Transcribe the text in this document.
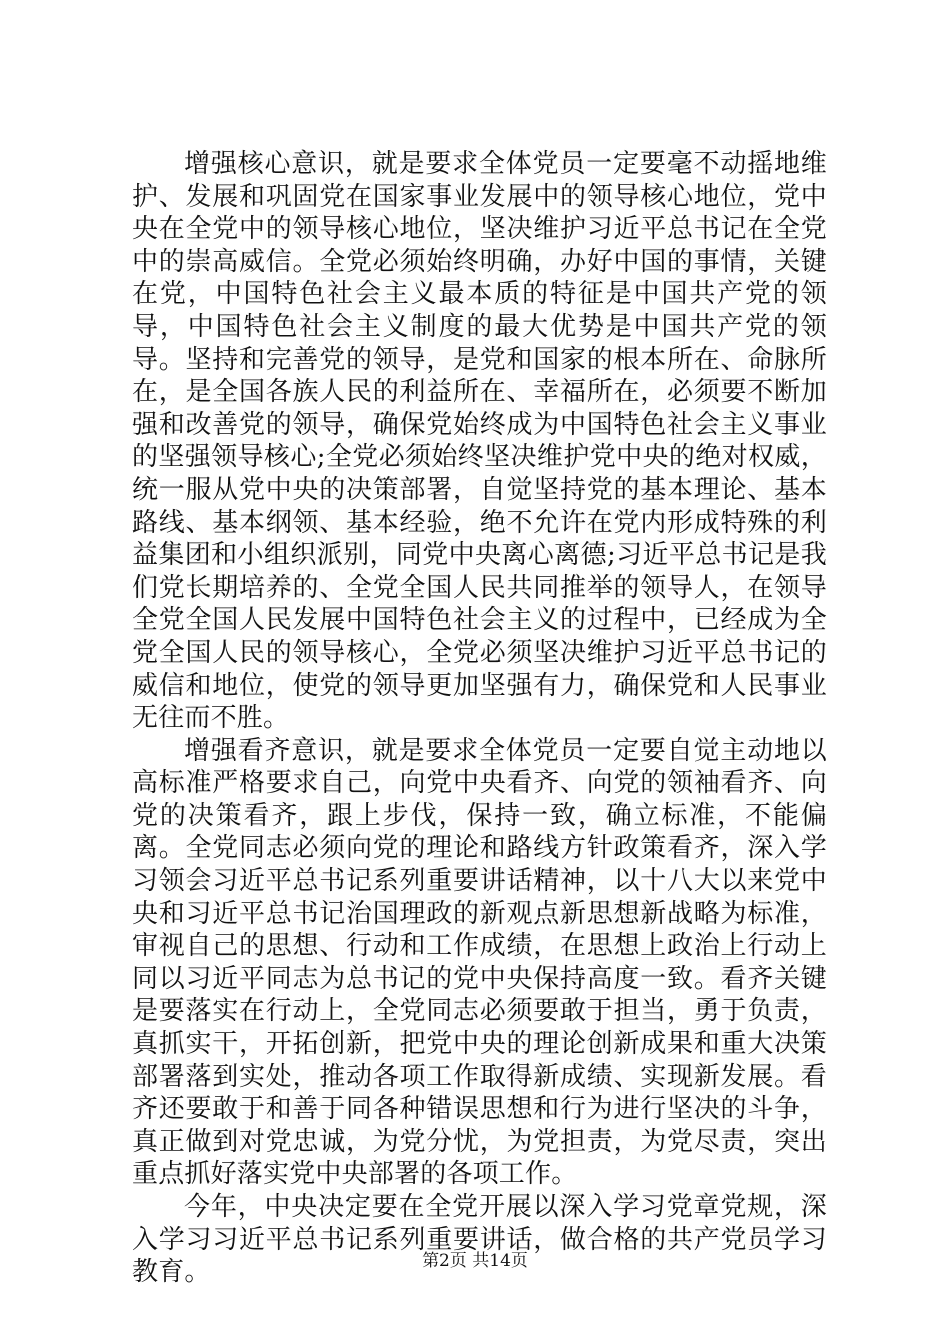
增强核心意识，就是要求全体党员一定要毫不动摇地维护、发展和巩固党在国家事业发展中的领导核心地位，党中央在全党中的领导核心地位，坚决维护习近平总书记在全党中的崇高威信。全党必须始终明确，办好中国的事情，关键在党，中国特色社会主义最本质的特征是中国共产党的领导，中国特色社会主义制度的最大优势是中国共产党的领导。坚持和完善党的领导，是党和国家的根本所在、命脉所在，是全国各族人民的利益所在、幸福所在，必须要不断加强和改善党的领导，确保党始终成为中国特色社会主义事业的坚强领导核心;全党必须始终坚决维护党中央的绝对权威，统一服从党中央的决策部署，自觉坚持党的基本理论、基本路线、基本纲领、基本经验，绝不允许在党内形成特殊的利益集团和小组织派别，同党中央离心离德;习近平总书记是我们党长期培养的、全党全国人民共同推举的领导人，在领导全党全国人民发展中国特色社会主义的过程中，已经成为全党全国人民的领导核心，全党必须坚决维护习近平总书记的威信和地位，使党的领导更加坚强有力，确保党和人民事业无往而不胜。

增强看齐意识，就是要求全体党员一定要自觉主动地以高标准严格要求自己，向党中央看齐、向党的领袖看齐、向党的决策看齐，跟上步伐，保持一致，确立标准，不能偏离。全党同志必须向党的理论和路线方针政策看齐，深入学习领会习近平总书记系列重要讲话精神，以十八大以来党中央和习近平总书记治国理政的新观点新思想新战略为标准，审视自己的思想、行动和工作成绩，在思想上政治上行动上同以习近平同志为总书记的党中央保持高度一致。看齐关键是要落实在行动上，全党同志必须要敢于担当，勇于负责，真抓实干，开拓创新，把党中央的理论创新成果和重大决策部署落到实处，推动各项工作取得新成绩、实现新发展。看齐还要敢于和善于同各种错误思想和行为进行坚决的斗争，真正做到对党忠诚，为党分忧，为党担责，为党尽责，突出重点抓好落实党中央部署的各项工作。

今年，中央决定要在全党开展以深入学习党章党规，深入学习习近平总书记系列重要讲话，做合格的共产党员学习教育。	第2页 共14页
